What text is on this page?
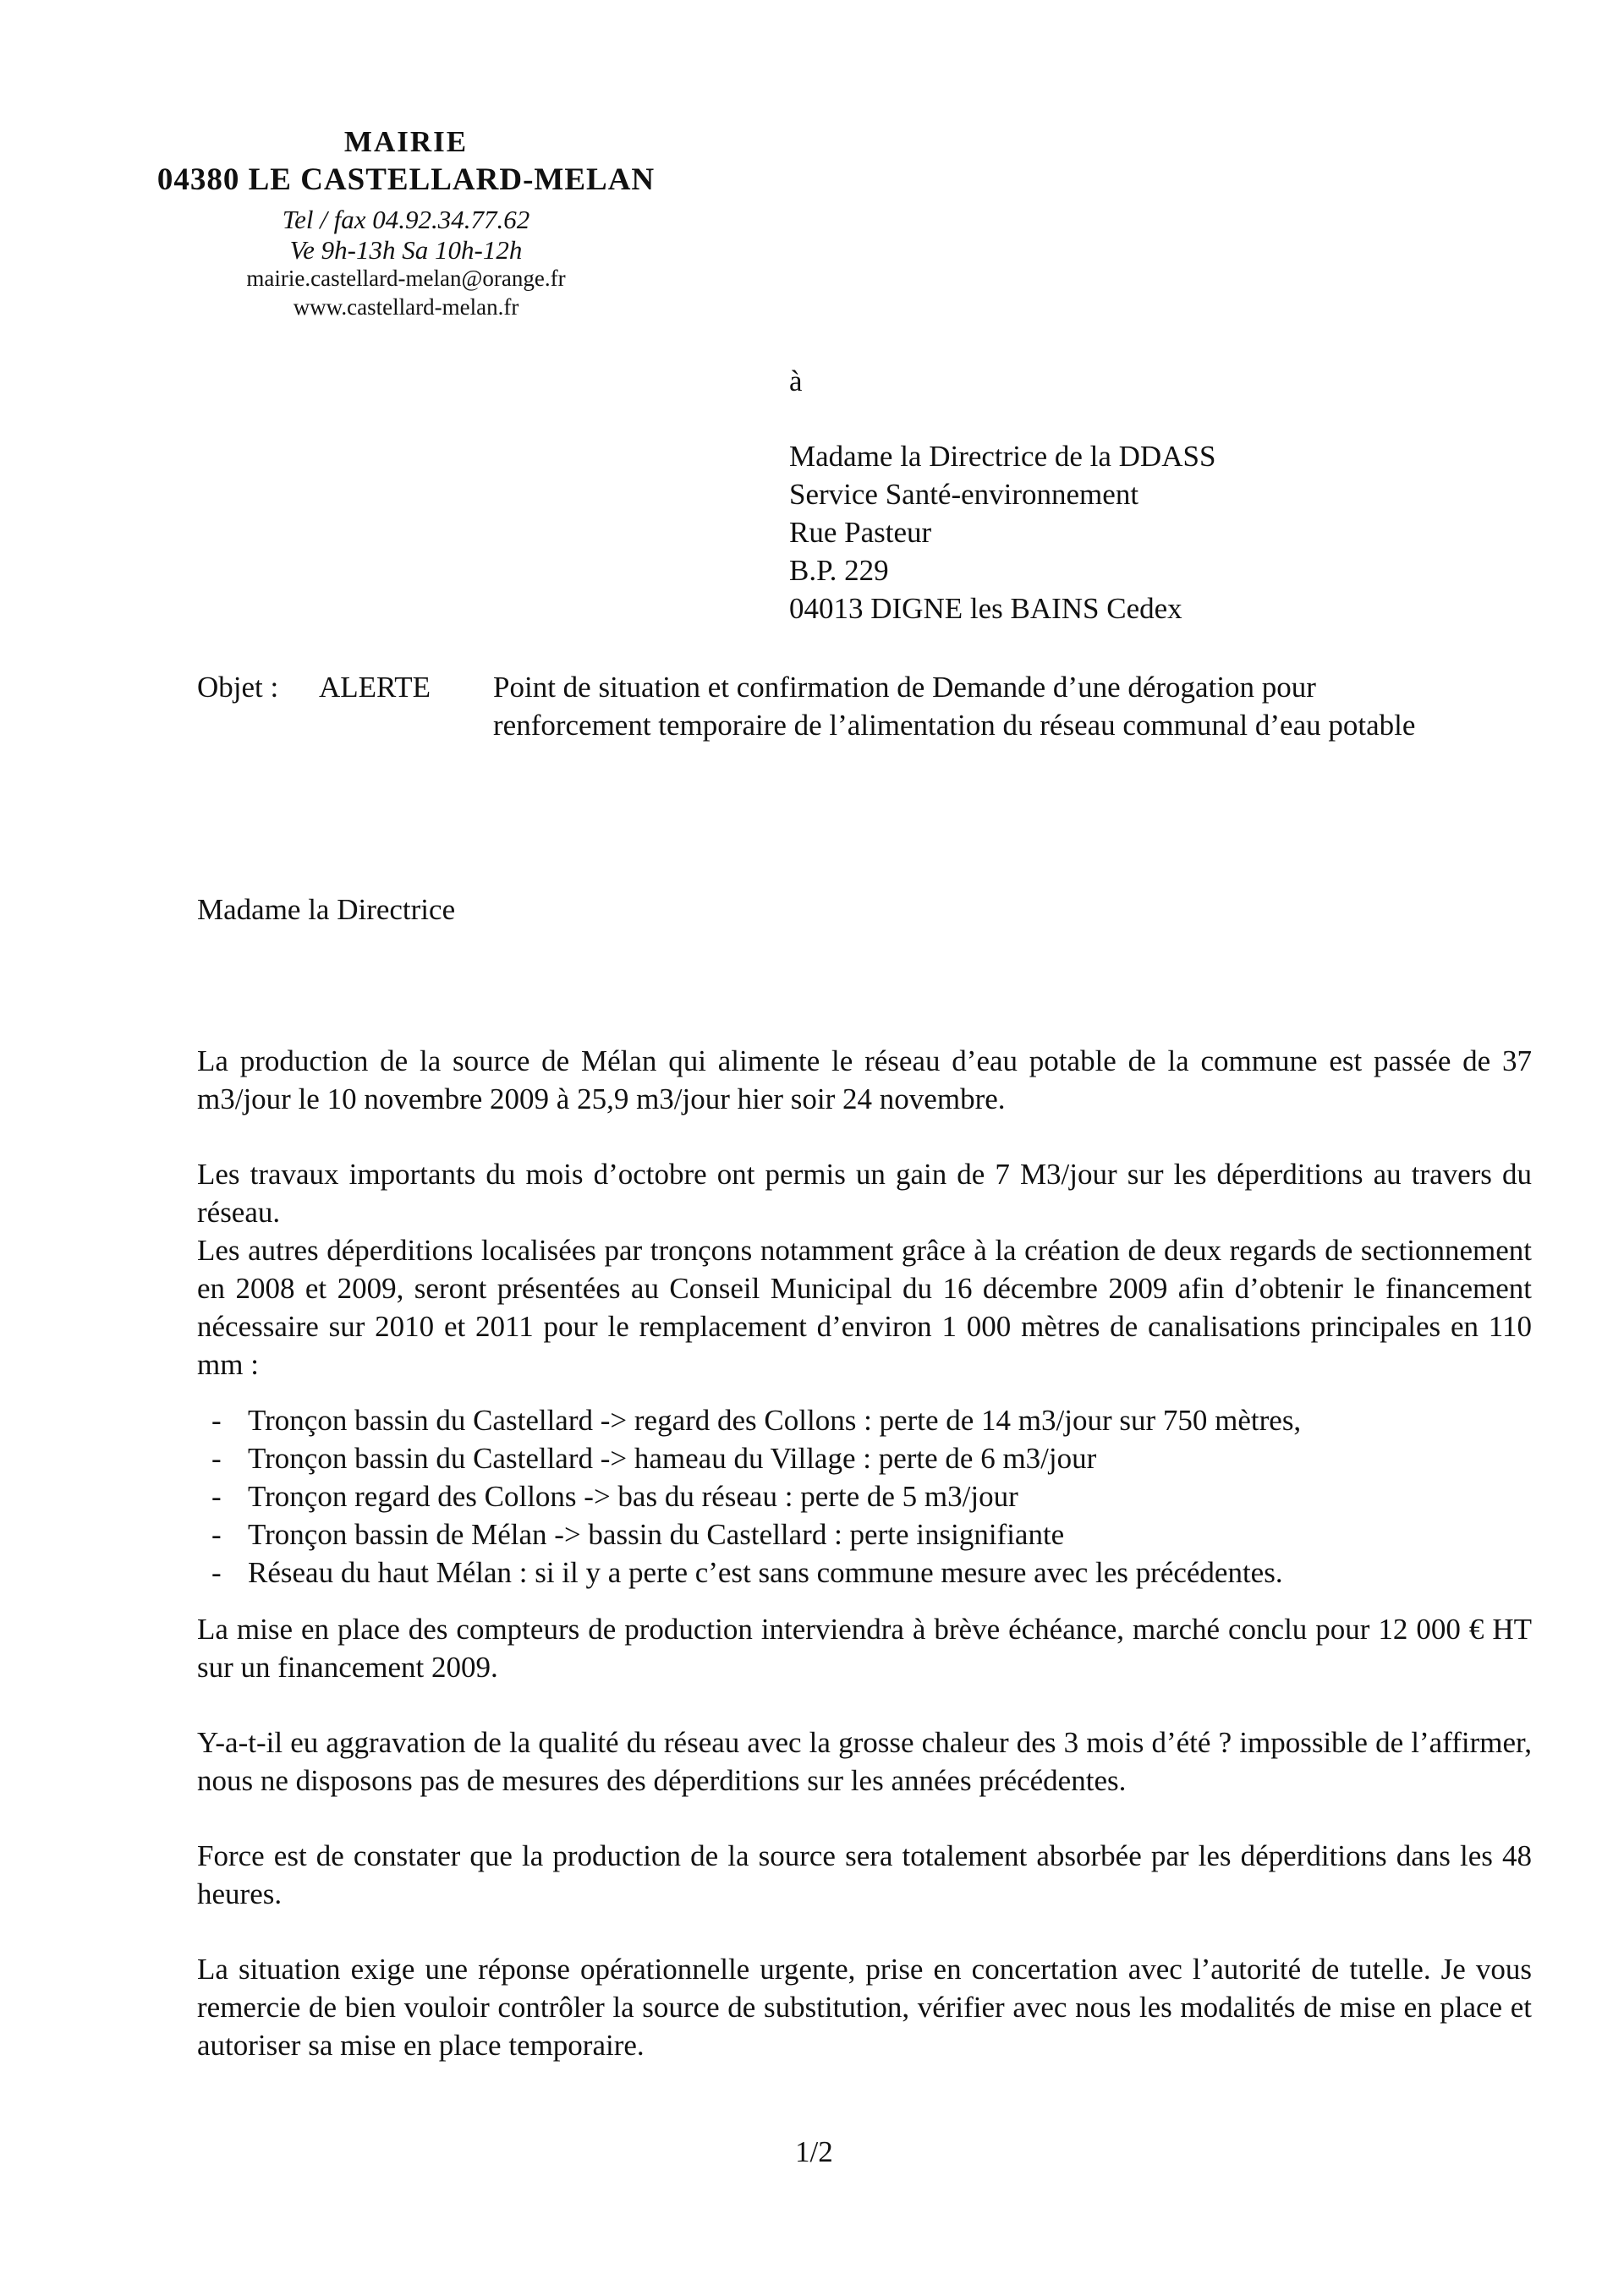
MAIRIE
04380 LE CASTELLARD-MELAN
Tel / fax 04.92.34.77.62
Ve 9h-13h Sa 10h-12h
mairie.castellard-melan@orange.fr
www.castellard-melan.fr
à
Madame la Directrice de la DDASS
Service Santé-environnement
Rue Pasteur
B.P. 229
04013 DIGNE les BAINS Cedex
Objet : ALERTE Point de situation et confirmation de Demande d’une dérogation pour
renforcement temporaire de l’alimentation du réseau communal d’eau potable
Madame la Directrice

La production de la source de Mélan qui alimente le réseau d’eau potable de la commune est passée de 37 m3/jour le 10 novembre 2009 à 25,9 m3/jour hier soir 24 novembre.

Les travaux importants du mois d’octobre ont permis un gain de 7 M3/jour sur les déperditions au travers du réseau.

Les autres déperditions localisées par tronçons notamment grâce à la création de deux regards de sectionnement en 2008 et 2009, seront présentées au Conseil Municipal du 16 décembre 2009 afin d’obtenir le financement nécessaire sur 2010 et 2011 pour le remplacement d’environ 1 000 mètres de canalisations principales en 110 mm :

- Tronçon bassin du Castellard -> regard des Collons : perte de 14 m3/jour sur 750 mètres,
- Tronçon bassin du Castellard -> hameau du Village : perte de 6 m3/jour
- Tronçon regard des Collons -> bas du réseau : perte de 5 m3/jour
- Tronçon bassin de Mélan -> bassin du Castellard : perte insignifiante
- Réseau du haut Mélan : si il y a perte c’est sans commune mesure avec les précédentes.

La mise en place des compteurs de production interviendra à brève échéance, marché conclu pour 12 000 € HT sur un financement 2009.

Y-a-t-il eu aggravation de la qualité du réseau avec la grosse chaleur des 3 mois d’été ? impossible de l’affirmer, nous ne disposons pas de mesures des déperditions sur les années précédentes.

Force est de constater que la production de la source sera totalement absorbée par les déperditions dans les 48 heures.

La situation exige une réponse opérationnelle urgente, prise en concertation avec l’autorité de tutelle. Je vous remercie de bien vouloir contrôler la source de substitution, vérifier avec nous les modalités de mise en place et autoriser sa mise en place temporaire.

1/2
